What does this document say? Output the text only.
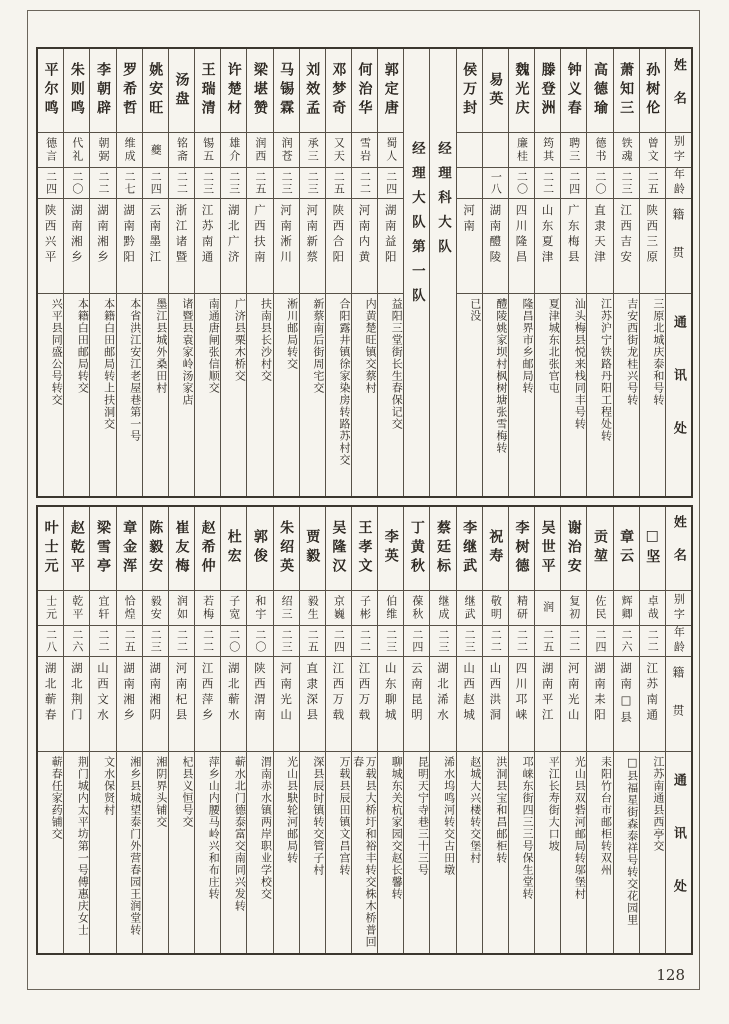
姓名
别字
年龄
籍贯
通讯处
孙树伦
曾文
二五
陕西三原
三原北城庆泰和号转
萧知三
铁魂
二三
江西吉安
吉安西街龙桂兴号转
高德瑜
德书
二〇
直隶天津
江苏沪宁铁路丹阳工程处转
钟义春
聘三
二四
广东梅县
汕头梅县悦来栈同丰号转
滕登洲
筠其
二二
山东夏津
夏津城东北张官屯
魏光庆
廉桂
二〇
四川隆昌
隆昌界市乡邮局转
易英
一八
湖南醴陵
醴陵姚家坝村枫树塘张雪梅转
侯万封
河南
已没
经理科大队
经理大队第一队
郭定唐
蜀人
二四
湖南益阳
益阳三堂街长生春保记交
何治华
雪岩
二二
河南内黄
内黄楚旺镇交蔡村
邓梦奇
又天
二五
陕西合阳
合阳露井镇徐家染房转路苏村交
刘效孟
承三
二三
河南新蔡
新蔡南后街周宅交
马锡霖
润苍
二三
河南淅川
淅川邮局转交
梁堪赞
润西
二五
广西扶南
扶南县长沙村交
许楚材
雄介
二三
湖北广济
广济县栗木桥交
王瑞清
锡五
二三
江苏南通
南通唐闸张信顺交
汤盘
铭斋
二二
浙江诸暨
诸暨县袁家岭汤家店
姚安旺
夔
二四
云南墨江
墨江县城外桑田村
罗希哲
维成
二七
湖南黔阳
本省洪江安江老屋巷第一号
李朝辟
朝弼
二二
湖南湘乡
本籍白田邮局转上扶洞交
朱则鸣
代礼
二〇
湖南湘乡
本籍白田邮局转交
平尔鸣
德言
二四
陕西兴平
兴平县同盛公号转交
姓名
别字
年龄
籍贯
通讯处
□坚
卓哉
二二
江苏南通
江苏南通县西亭交
章云
辉卿
二六
湖南□县
□县福星街森泰祥号转交花园里
贡堃
佐民
二四
湖南耒阳
耒阳竹台市邮柜转双州
谢治安
复初
二二
河南光山
光山县双砦河邮局转邬堡村
吴世平
润
二五
湖南平江
平江长寿街大口坡
李树德
精研
二二
四川邛崃
邛崃东街四三三号保生堂转
祝寿
敬明
二二
山西洪洞
洪洞县宝和昌邮柜转
李继武
继武
二三
山西赵城
赵城大兴楼转交堡村
蔡廷标
继成
二三
湖北浠水
浠水坞鸣河转交古田墩
丁黄秋
葆秋
二四
云南昆明
昆明天宁寺巷三十三号
李英
伯维
二三
山东聊城
聊城东关杭家园交赵长馨转
王孝文
子彬
二二
江西万载
万载县大桥圩和裕丰转交株木桥普回春
吴隆汉
京巍
二四
江西万载
万载县辰田镇文昌宫转
贾毅
毅生
二五
直隶深县
深县辰时镇转交管子村
朱绍英
绍三
二三
河南光山
光山县駃轮河邮局转
郭俊
和宇
二〇
陕西渭南
渭南赤水镇两岸职业学校交
杜宏
子宽
二〇
湖北蕲水
蕲水北门德泰富交南同兴发转
赵希仲
若梅
二二
江西萍乡
萍乡山内腰马岭兴和布庄转
崔友梅
润如
二二
河南杞县
杞县义恒号交
陈毅安
毅安
二三
湖南湘阴
湘阴界头铺交
章金浑
恰煌
二五
湖南湘乡
湘乡县城望泰门外营春园王润堂转
梁雪亭
宜轩
二二
山西文水
文水保贤村
赵乾平
乾平
二六
湖北荆门
荆门城内太平坊第一号傅惠庆女士
叶士元
士元
二八
湖北蕲春
蕲春任家药铺交
128
